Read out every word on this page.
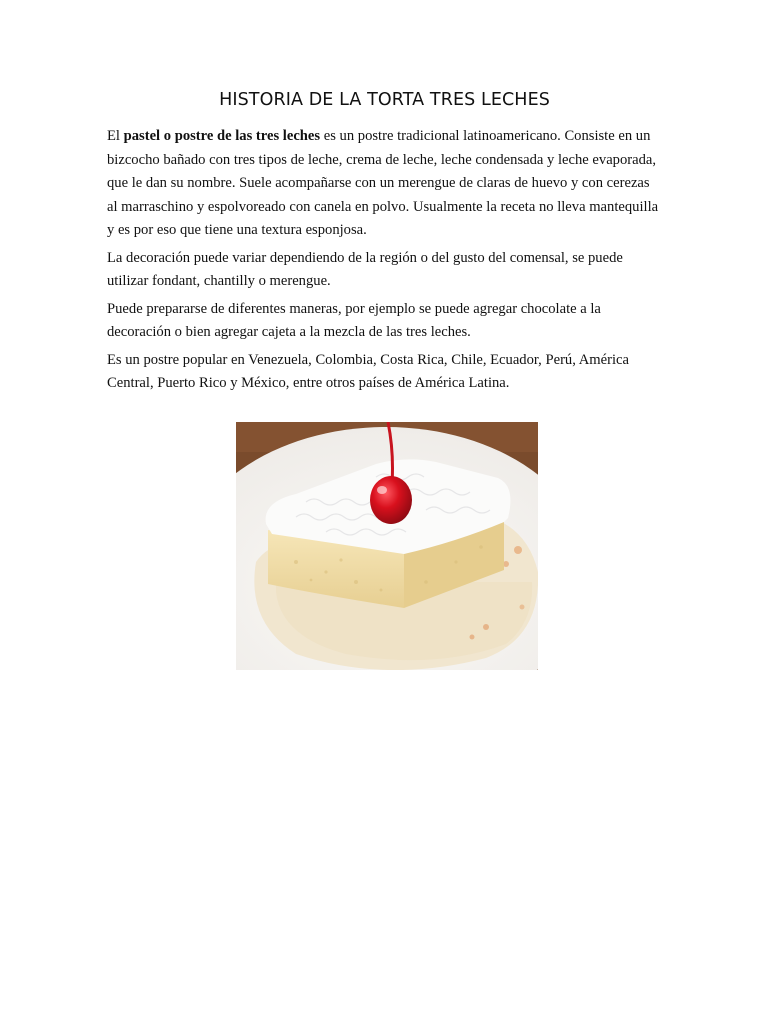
HISTORIA DE LA TORTA TRES LECHES

El pastel o postre de las tres leches es un postre tradicional latinoamericano. Consiste en un bizcocho bañado con tres tipos de leche, crema de leche, leche condensada y leche evaporada, que le dan su nombre. Suele acompañarse con un merengue de claras de huevo y con cerezas al marraschino y espolvoreado con canela en polvo. Usualmente la receta no lleva mantequilla y es por eso que tiene una textura esponjosa.

La decoración puede variar dependiendo de la región o del gusto del comensal, se puede utilizar fondant, chantilly o merengue.

Puede prepararse de diferentes maneras, por ejemplo se puede agregar chocolate a la decoración o bien agregar cajeta a la mezcla de las tres leches.

Es un postre popular en Venezuela, Colombia, Costa Rica, Chile, Ecuador, Perú, América Central, Puerto Rico y México, entre otros países de América Latina.
